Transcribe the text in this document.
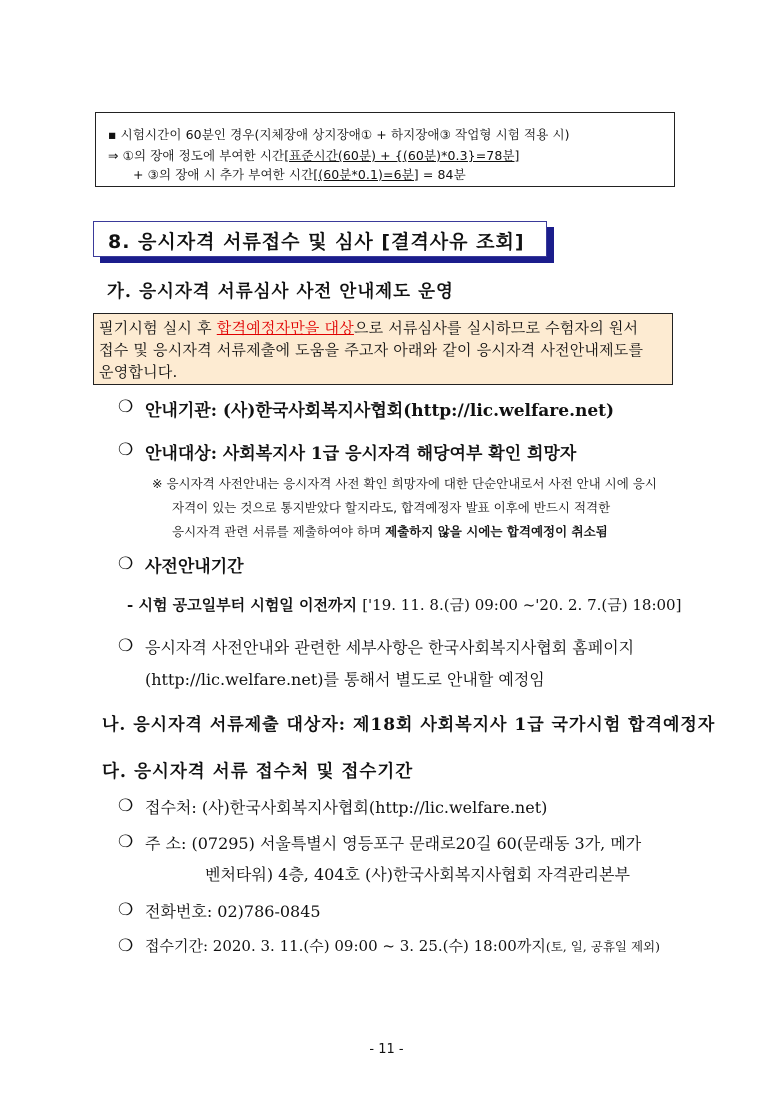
▪ 시험시간이 60분인 경우(지체장애 상지장애① + 하지장애③ 작업형 시험 적용 시)
⇒ ①의 장애 정도에 부여한 시간[표준시간(60분) + {(60분)*0.3}=78분]
+ ③의 장애 시 추가 부여한 시간[(60분*0.1)=6분] = 84분
8. 응시자격 서류접수 및 심사 [결격사유 조회]
가. 응시자격 서류심사 사전 안내제도 운영
필기시험 실시 후 합격예정자만을 대상으로 서류심사를 실시하므로 수험자의 원서
접수 및 응시자격 서류제출에 도움을 주고자 아래와 같이 응시자격 사전안내제도를
운영합니다.
❍ 안내기관: (사)한국사회복지사협회(http://lic.welfare.net)
❍ 안내대상: 사회복지사 1급 응시자격 해당여부 확인 희망자
※ 응시자격 사전안내는 응시자격 사전 확인 희망자에 대한 단순안내로서 사전 안내 시에 응시
자격이 있는 것으로 통지받았다 할지라도, 합격예정자 발표 이후에 반드시 적격한
응시자격 관련 서류를 제출하여야 하며 제출하지 않을 시에는 합격예정이 취소됨
❍ 사전안내기간
- 시험 공고일부터 시험일 이전까지 ['19. 11. 8.(금) 09:00 ~'20. 2. 7.(금) 18:00]
❍ 응시자격 사전안내와 관련한 세부사항은 한국사회복지사협회 홈페이지
(http://lic.welfare.net)를 통해서 별도로 안내할 예정임
나. 응시자격 서류제출 대상자: 제18회 사회복지사 1급 국가시험 합격예정자
다. 응시자격 서류 접수처 및 접수기간
❍ 접수처: (사)한국사회복지사협회(http://lic.welfare.net)
❍ 주 소: (07295) 서울특별시 영등포구 문래로20길 60(문래동 3가, 메가
벤처타워) 4층, 404호 (사)한국사회복지사협회 자격관리본부
❍ 전화번호: 02)786-0845
❍ 접수기간: 2020. 3. 11.(수) 09:00 ~ 3. 25.(수) 18:00까지(토, 일, 공휴일 제외)
- 11 -
